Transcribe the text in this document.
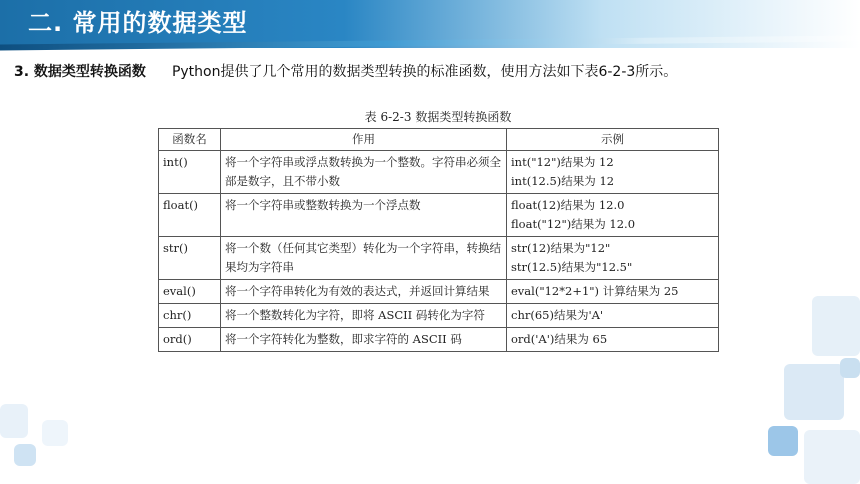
二. 常用的数据类型
3. 数据类型转换函数 Python提供了几个常用的数据类型转换的标准函数，使用方法如下表6-2-3所示。
表 6-2-3 数据类型转换函数
函数名	作用	示例
int()	将一个字符串或浮点数转换为一个整数。字符串必须全部是数字，且不带小数	int("12")结果为 12
int(12.5)结果为 12

float()	将一个字符串或整数转换为一个浮点数	float(12)结果为 12.0
float("12")结果为 12.0

str()	将一个数（任何其它类型）转化为一个字符串，转换结果均为字符串	str(12)结果为"12"
str(12.5)结果为"12.5"

eval()	将一个字符串转化为有效的表达式，并返回计算结果	eval("12*2+1") 计算结果为 25

chr()	将一个整数转化为字符，即将 ASCII 码转化为字符	chr(65)结果为'A'

ord()	将一个字符转化为整数，即求字符的 ASCII 码	ord('A')结果为 65
